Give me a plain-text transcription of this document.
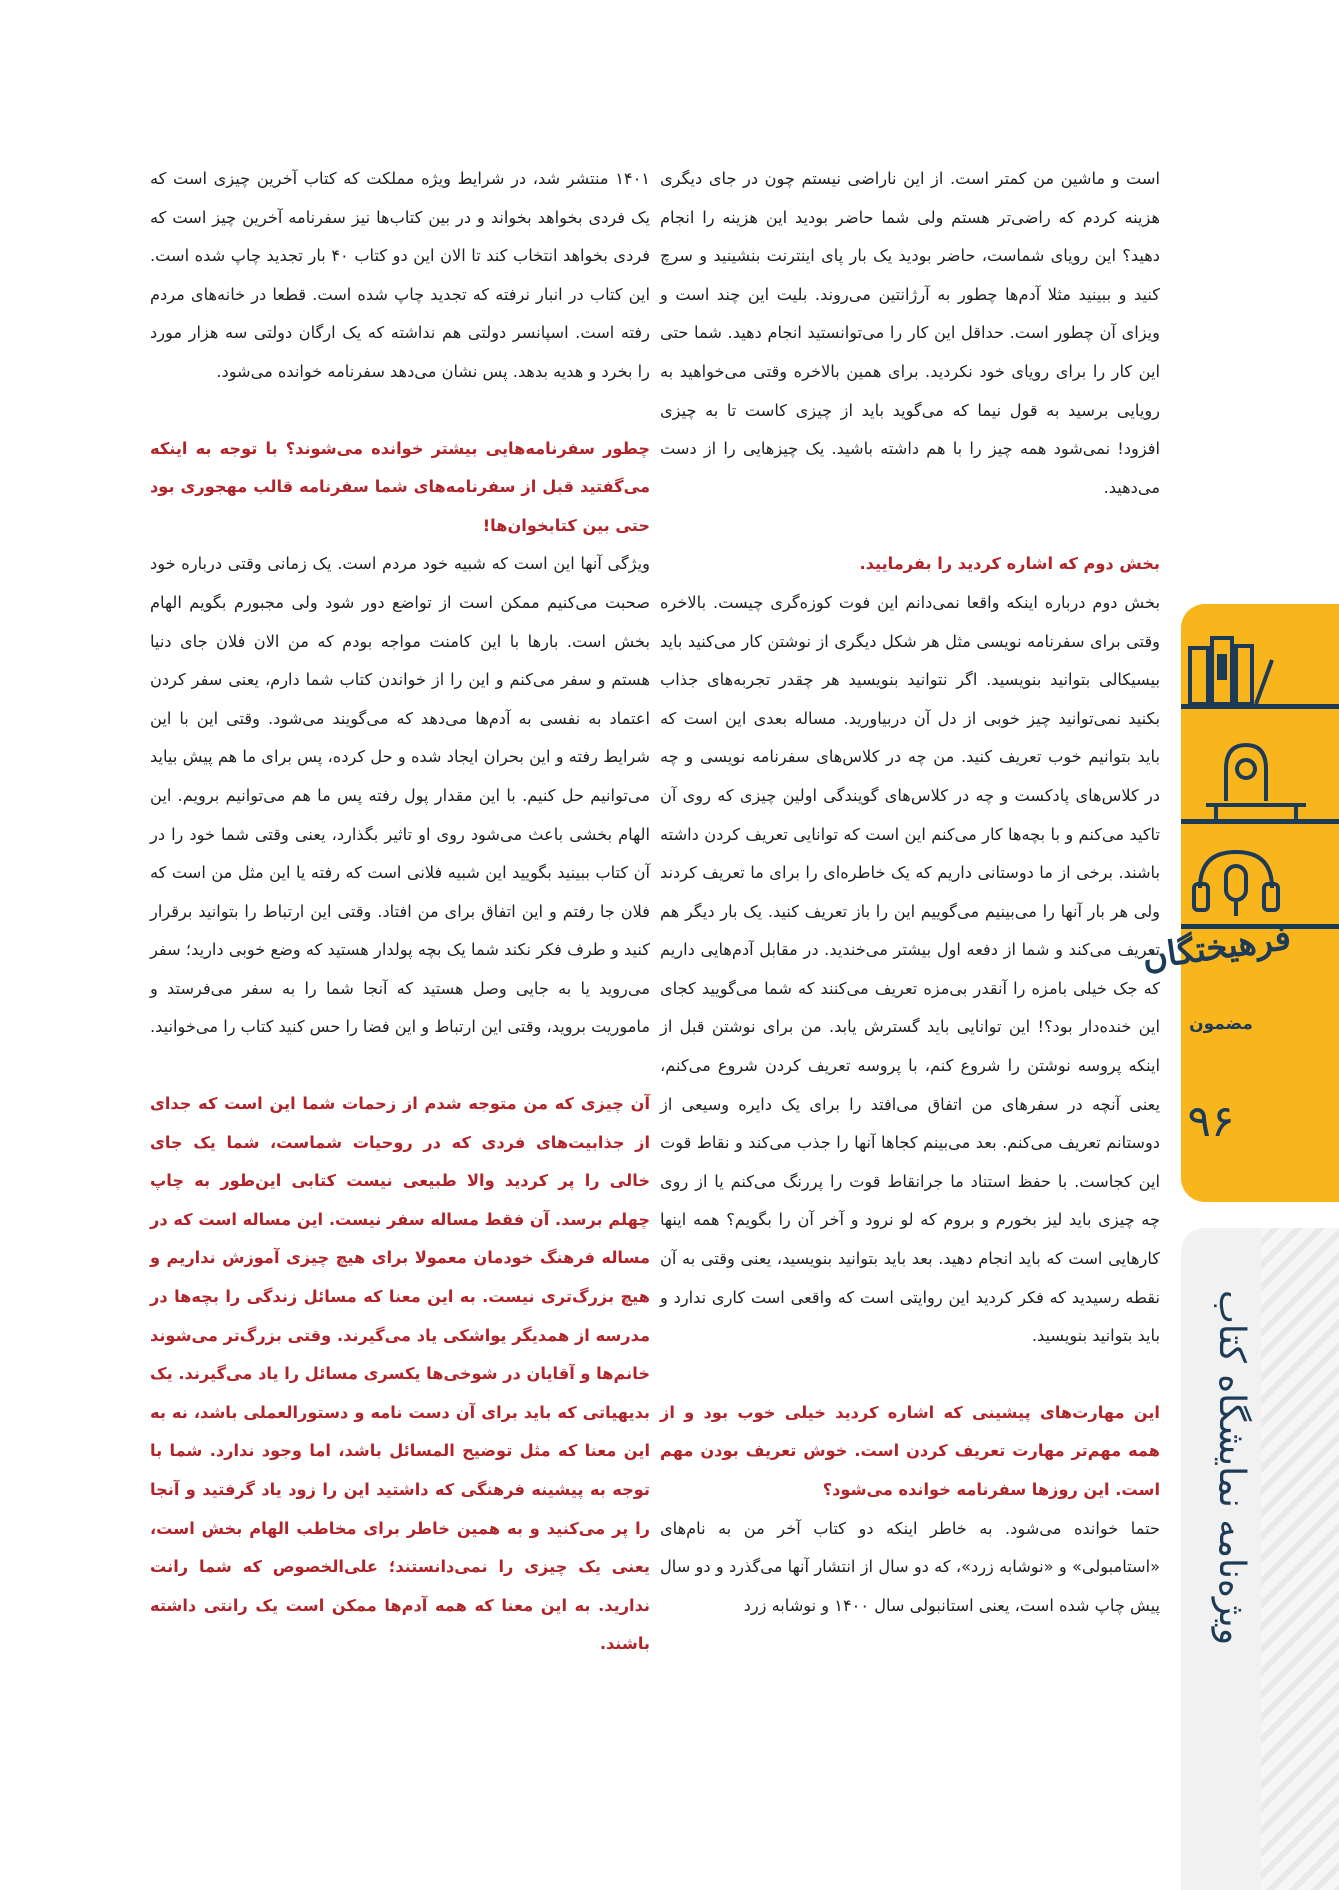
است و ماشین من کمتر است. از این ناراضی نیستم چون در جای دیگری هزینه کردم که راضی‌تر هستم ولی شما حاضر بودید این هزینه را انجام دهید؟ این رویای شماست، حاضر بودید یک بار پای اینترنت بنشینید و سرچ کنید و ببینید مثلا آدم‌ها چطور به آرژانتین می‌روند. بلیت این چند است و ویزای آن چطور است. حداقل این کار را می‌توانستید انجام دهید. شما حتی این کار را برای رویای خود نکردید. برای همین بالاخره وقتی می‌خواهید به رویایی برسید به قول نیما که می‌گوید باید از چیزی کاست تا به چیزی افزود! نمی‌شود همه چیز را با هم داشته باشید. یک چیزهایی را از دست می‌دهید.

بخش دوم که اشاره کردید را بفرمایید.

بخش دوم درباره اینکه واقعا نمی‌دانم این فوت کوزه‌گری چیست. بالاخره وقتی برای سفرنامه نویسی مثل هر شکل دیگری از نوشتن کار می‌کنید باید بیسیکالی بتوانید بنویسید. اگر نتوانید بنویسید هر چقدر تجربه‌های جذاب بکنید نمی‌توانید چیز خوبی از دل آن دربیاورید. مساله بعدی این است که باید بتوانیم خوب تعریف کنید. من چه در کلاس‌های سفرنامه نویسی و چه در کلاس‌های پادکست و چه در کلاس‌های گویندگی اولین چیزی که روی آن تاکید می‌کنم و با بچه‌ها کار می‌کنم این است که توانایی تعریف کردن داشته باشند. برخی از ما دوستانی داریم که یک خاطره‌ای را برای ما تعریف کردند ولی هر بار آنها را می‌بینیم می‌گوییم این را باز تعریف کنید. یک بار دیگر هم تعریف می‌کند و شما از دفعه اول بیشتر می‌خندید. در مقابل آدم‌هایی داریم که جک خیلی بامزه را آنقدر بی‌مزه تعریف می‌کنند که شما می‌گویید کجای این خنده‌دار بود؟! این توانایی باید گسترش یابد. من برای نوشتن قبل از اینکه پروسه نوشتن را شروع کنم، با پروسه تعریف کردن شروع می‌کنم، یعنی آنچه در سفرهای من اتفاق می‌افتد را برای یک دایره وسیعی از دوستانم تعریف می‌کنم. بعد می‌بینم کجاها آنها را جذب می‌کند و نقاط قوت این کجاست. با حفظ استناد ما جرانقاط قوت را پررنگ می‌کنم یا از روی چه چیزی باید لیز بخورم و بروم که لو نرود و آخر آن را بگویم؟ همه اینها کارهایی است که باید انجام دهید. بعد باید بتوانید بنویسید، یعنی وقتی به آن نقطه رسیدید که فکر کردید این روایتی است که واقعی است کاری ندارد و باید بتوانید بنویسید.

این مهارت‌های پیشینی که اشاره کردید خیلی خوب بود و از همه مهم‌تر مهارت تعریف کردن است. خوش تعریف بودن مهم است. این روزها سفرنامه خوانده می‌شود؟

حتما خوانده می‌شود. به خاطر اینکه دو کتاب آخر من به نام‌های «استامبولی» و «نوشابه زرد»، که دو سال از انتشار آنها می‌گذرد و دو سال پیش چاپ شده است، یعنی استانبولی سال ۱۴۰۰ و نوشابه زرد

۱۴۰۱ منتشر شد، در شرایط ویژه مملکت که کتاب آخرین چیزی است که یک فردی بخواهد بخواند و در بین کتاب‌ها نیز سفرنامه آخرین چیز است که فردی بخواهد انتخاب کند تا الان این دو کتاب ۴۰ بار تجدید چاپ شده است. این کتاب در انبار نرفته که تجدید چاپ شده است. قطعا در خانه‌های مردم رفته است. اسپانسر دولتی هم نداشته که یک ارگان دولتی سه هزار مورد را بخرد و هدیه بدهد. پس نشان می‌دهد سفرنامه خوانده می‌شود.

چطور سفرنامه‌هایی بیشتر خوانده می‌شوند؟ با توجه به اینکه می‌گفتید قبل از سفرنامه‌های شما سفرنامه قالب مهجوری بود حتی بین کتابخوان‌ها!

ویژگی آنها این است که شبیه خود مردم است. یک زمانی وقتی درباره خود صحبت می‌کنیم ممکن است از تواضع دور شود ولی مجبورم بگویم الهام بخش است. بارها با این کامنت مواجه بودم که من الان فلان جای دنیا هستم و سفر می‌کنم و این را از خواندن کتاب شما دارم، یعنی سفر کردن اعتماد به نفسی به آدم‌ها می‌دهد که می‌گویند می‌شود. وقتی این با این شرایط رفته و این بحران ایجاد شده و حل کرده، پس برای ما هم پیش بیاید می‌توانیم حل کنیم. با این مقدار پول رفته پس ما هم می‌توانیم برویم. این الهام بخشی باعث می‌شود روی او تاثیر بگذارد، یعنی وقتی شما خود را در آن کتاب ببینید بگویید این شبیه فلانی است که رفته یا این مثل من است که فلان جا رفتم و این اتفاق برای من افتاد. وقتی این ارتباط را بتوانید برقرار کنید و طرف فکر نکند شما یک بچه پولدار هستید که وضع خوبی دارید؛ سفر می‌روید یا به جایی وصل هستید که آنجا شما را به سفر می‌فرستد و ماموریت بروید، وقتی این ارتباط و این فضا را حس کنید کتاب را می‌خوانید.

آن چیزی که من متوجه شدم از زحمات شما این است که جدای از جذابیت‌های فردی که در روحیات شماست، شما یک جای خالی را پر کردید والا طبیعی نیست کتابی این‌طور به چاپ چهلم برسد. آن فقط مساله سفر نیست. این مساله است که در مساله فرهنگ خودمان معمولا برای هیچ چیزی آموزش نداریم و هیچ بزرگ‌تری نیست. به این معنا که مسائل زندگی را بچه‌ها در مدرسه از همدیگر یواشکی یاد می‌گیرند. وقتی بزرگ‌تر می‌شوند خانم‌ها و آقایان در شوخی‌ها یکسری مسائل را یاد می‌گیرند. یک بدیهیاتی که باید برای آن دست نامه و دستورالعملی باشد، نه به این معنا که مثل توضیح المسائل باشد، اما وجود ندارد. شما با توجه به پیشینه فرهنگی که داشتید این را زود یاد گرفتید و آنجا را پر می‌کنید و به همین خاطر برای مخاطب الهام بخش است، یعنی یک چیزی را نمی‌دانستند؛ علی‌الخصوص که شما رانت ندارید. به این معنا که همه آدم‌ها ممکن است یک رانتی داشته باشند.

فرهیختگان
مضمون
۹۶
ویژه‌نامه نمایشگاه کتاب
